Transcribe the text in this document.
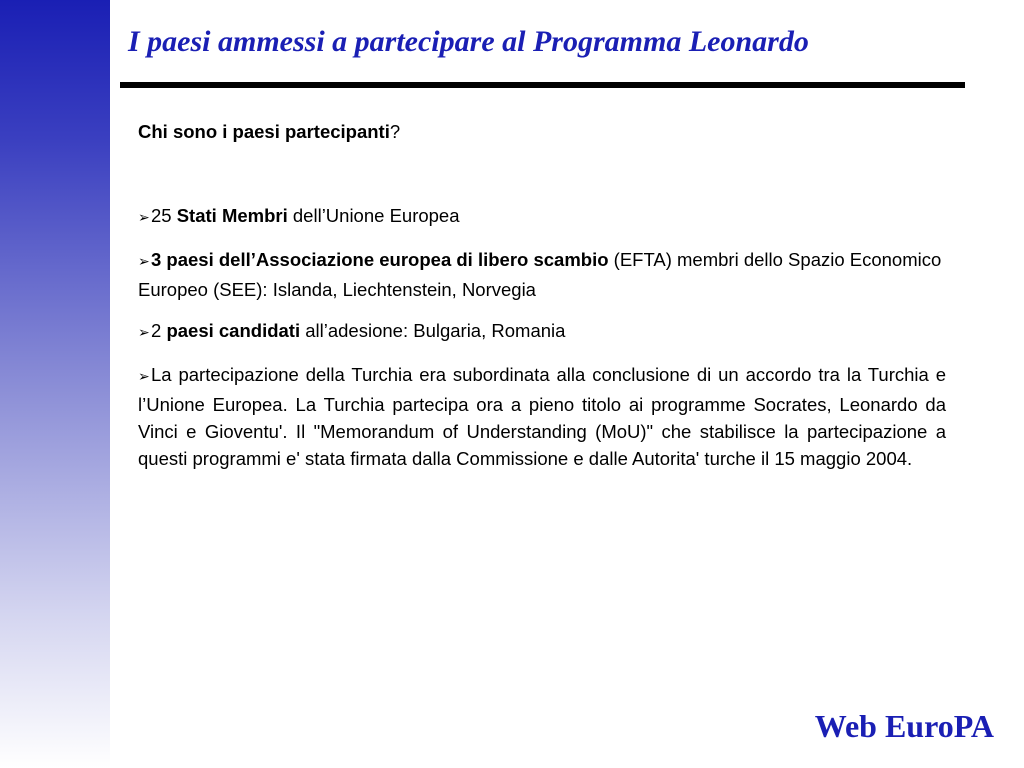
I paesi ammessi a partecipare al Programma Leonardo

Chi sono i paesi partecipanti?

➢25 Stati Membri dell’Unione Europea

➢3 paesi dell’Associazione europea di libero scambio (EFTA) membri dello Spazio Economico Europeo (SEE): Islanda, Liechtenstein, Norvegia

➢2 paesi candidati all’adesione: Bulgaria, Romania

➢La partecipazione della Turchia era subordinata alla conclusione di un accordo tra la Turchia e l’Unione Europea. La Turchia partecipa ora a pieno titolo ai programme Socrates, Leonardo da Vinci e Gioventu'. Il "Memorandum of Understanding (MoU)" che stabilisce la partecipazione a questi programmi e' stata firmata dalla Commissione e dalle Autorita' turche il 15 maggio 2004.

Web EuroPA
